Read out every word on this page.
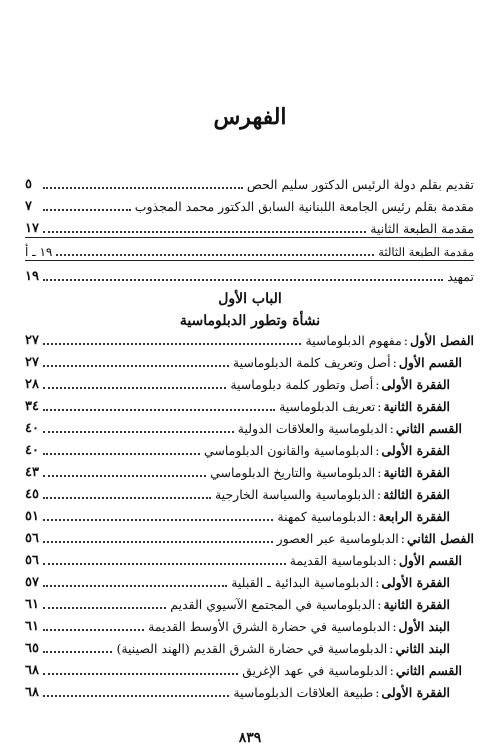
الفهرس
تقديم بقلم دولة الرئيس الدكتور سليم الحص
٥
مقدمة بقلم رئيس الجامعة اللبنانية السابق الدكتور محمد المجذوب
٧
مقدمة الطبعة الثانية
١٧
مقدمة الطبعة الثالثة
١٩ ـ أ
تمهيد
١٩
الباب الأول
نشأة وتطور الدبلوماسية
الفصل الأول:مفهوم الدبلوماسية
٢٧
القسم الأول:أصل وتعريف كلمة الدبلوماسية
٢٧
الفقرة الأولى:أصل وتطور كلمة دبلوماسية
٢٨
الفقرة الثانية:تعريف الدبلوماسية
٣٤
القسم الثاني:الدبلوماسية والعلاقات الدولية
٤٠
الفقرة الأولى:الدبلوماسية والقانون الدبلوماسي
٤٠
الفقرة الثانية:الدبلوماسية والتاريخ الدبلوماسي
٤٣
الفقرة الثالثة:الدبلوماسية والسياسة الخارجية
٤٥
الفقرة الرابعة:الدبلوماسية كمهنة
٥١
الفصل الثاني:الدبلوماسية عبر العصور
٥٦
القسم الأول:الدبلوماسية القديمة
٥٦
الفقرة الأولى:الدبلوماسية البدائية ـ القبلية
٥٧
الفقرة الثانية:الدبلوماسية في المجتمع الآسيوي القديم
٦١
البند الأول:الدبلوماسية في حضارة الشرق الأوسط القديمة
٦١
البند الثاني:الدبلوماسية في حضارة الشرق القديم (الهند الصينية)
٦٥
القسم الثاني:الدبلوماسية في عهد الإغريق
٦٨
الفقرة الأولى:طبيعة العلاقات الدبلوماسية
٦٨
٨٣٩
